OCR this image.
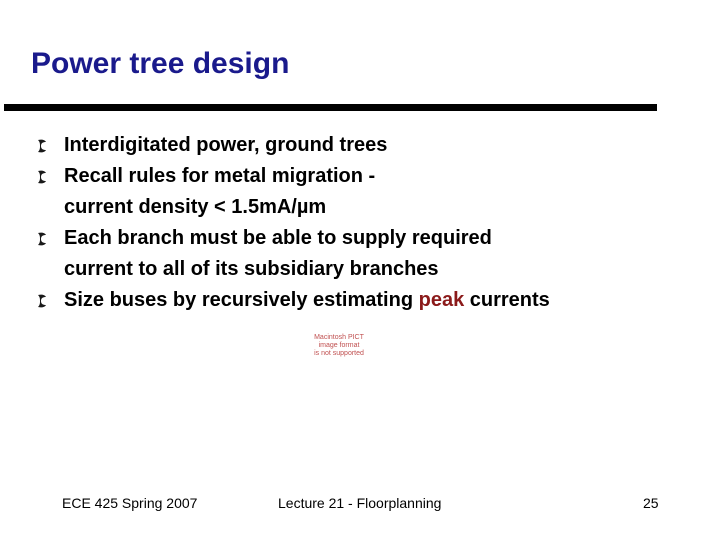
Power tree design
Interdigitated power, ground trees
Recall rules for metal migration -
current density < 1.5mA/µm
Each branch must be able to supply required
current to all of its subsidiary branches
Size buses by recursively estimating peak currents
Macintosh PICT
image format
is not supported
ECE 425 Spring 2007	Lecture 21 - Floorplanning	25
